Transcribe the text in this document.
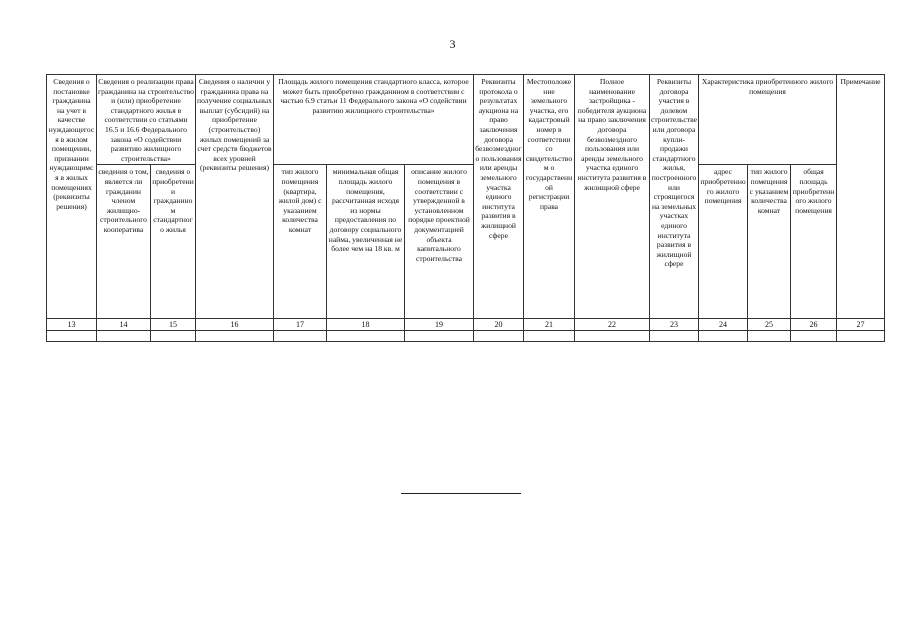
3
Сведения о постановке гражданина на учет в качестве нуждающегося в жилом помещении, признании нуждающимся в жилых помещениях (реквизиты решения)	Сведения о реализации права гражданина на строительство и (или) приобретение стандартного жилья в соответствии со статьями 16.5 и 16.6 Федерального закона «О содействии развитию жилищного строительства»		Сведения о наличии у гражданина права на получение социальных выплат (субсидий) на приобретение (строительство) жилых помещений за счет средств бюджетов всех уровней (реквизиты решения)	Площадь жилого помещения стандартного класса, которое может быть приобретено гражданином в соответствии с частью 6.9 статьи 11 Федерального закона «О содействии развитию жилищного строительства»			Реквизиты протокола о результатах аукциона на право заключения договора безвозмездного пользования или аренды земельного участка единого института развития в жилищной сфере	Местоположение земельного участка, его кадастровый номер в соответствии со свидетельством о государственной регистрации права	Полное наименование застройщика - победителя аукциона на право заключения договора безвозмездного пользования или аренды земельного участка единого института развития в жилищной сфере	Реквизиты договора участия в долевом строительстве или договора купли-продажи стандартного жилья, построенного или строящегося на земельных участках единого института развития в жилищной сфере	Характеристика приобретенного жилого помещения			Примечание
	сведения о том, является ли гражданин членом жилищно-строительного кооператива	сведения о приобретении гражданином стандартного жилья		тип жилого помещения (квартира, жилой дом) с указанием количества комнат	минимальная общая площадь жилого помещения, рассчитанная исходя из нормы предоставления по договору социального найма, увеличенная не более чем на 18 кв. м	описание жилого помещения в соответствии с утвержденной в установленном порядке проектной документацией объекта капитального строительства					адрес приобретенного жилого помещения	тип жилого помещения с указанием количества комнат	общая площадь приобретенного жилого помещения	
13	14	15	16	17	18	19	20	21	22	23	24	25	26	27
